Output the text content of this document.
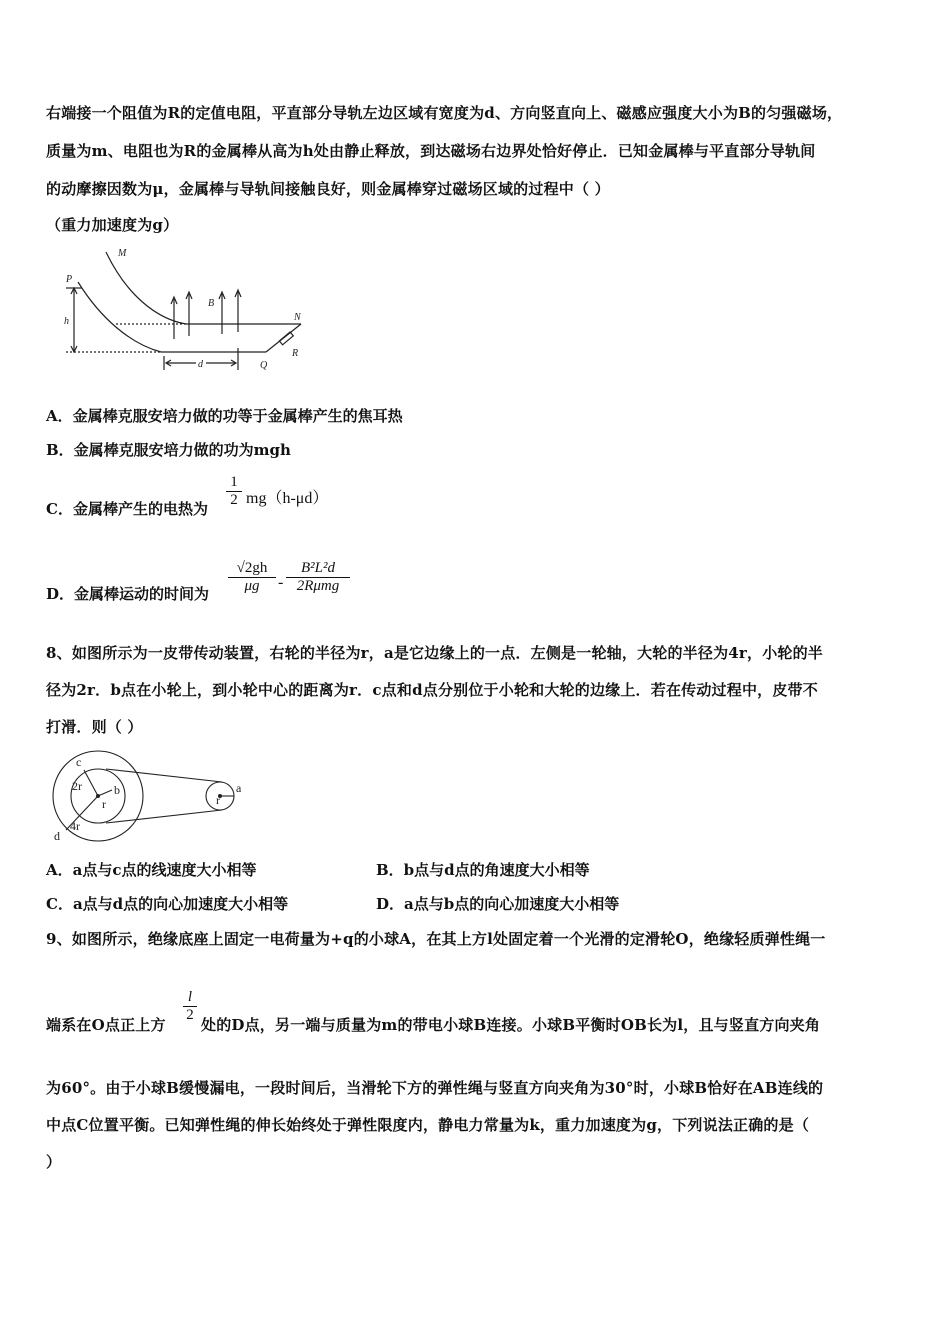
右端接一个阻值为R的定值电阻，平直部分导轨左边区域有宽度为d、方向竖直向上、磁感应强度大小为B的匀强磁场，
质量为m、电阻也为R的金属棒从高为h处由静止释放，到达磁场右边界处恰好停止．已知金属棒与平直部分导轨间
的动摩擦因数为μ，金属棒与导轨间接触良好，则金属棒穿过磁场区域的过程中（ ）
（重力加速度为g）
P
M
h
B
N
d	Q
R
A．金属棒克服安培力做的功等于金属棒产生的焦耳热
B．金属棒克服安培力做的功为mgh
C．金属棒产生的电热为 $\frac{1}{2} mg(h-\mu d)$
D．金属棒运动的时间为 $\frac{√2gh}{\mu g}$ -
B²L²d
2Rμmg
8、如图所示为一皮带传动装置，右轮的半径为r，a是它边缘上的一点．左侧是一轮轴，大轮的半径为4r，小轮的半
径为2r．b点在小轮上，到小轮中心的距离为r．c点和d点分别位于小轮和大轮的边缘上．若在传动过程中，皮带不
打滑．则（ ）
c
2r	b
r
4r
d
r
a
A．a点与c点的线速度大小相等	B．b点与d点的角速度大小相等
C．a点与d点的向心加速度大小相等	D．a点与b点的向心加速度大小相等
9、如图所示，绝缘底座上固定一电荷量为+q的小球A，在其上方l处固定着一个光滑的定滑轮O，绝缘轻质弹性绳一
端系在O点正上方
$\frac{l}{2}$
处的D点，另一端与质量为m的带电小球B连接。小球B平衡时OB长为l，且与竖直方向夹角
为60°。由于小球B缓慢漏电，一段时间后，当滑轮下方的弹性绳与竖直方向夹角为30°时，小球B恰好在AB连线的
中点C位置平衡。已知弹性绳的伸长始终处于弹性限度内，静电力常量为k，重力加速度为g，下列说法正确的是（
）
